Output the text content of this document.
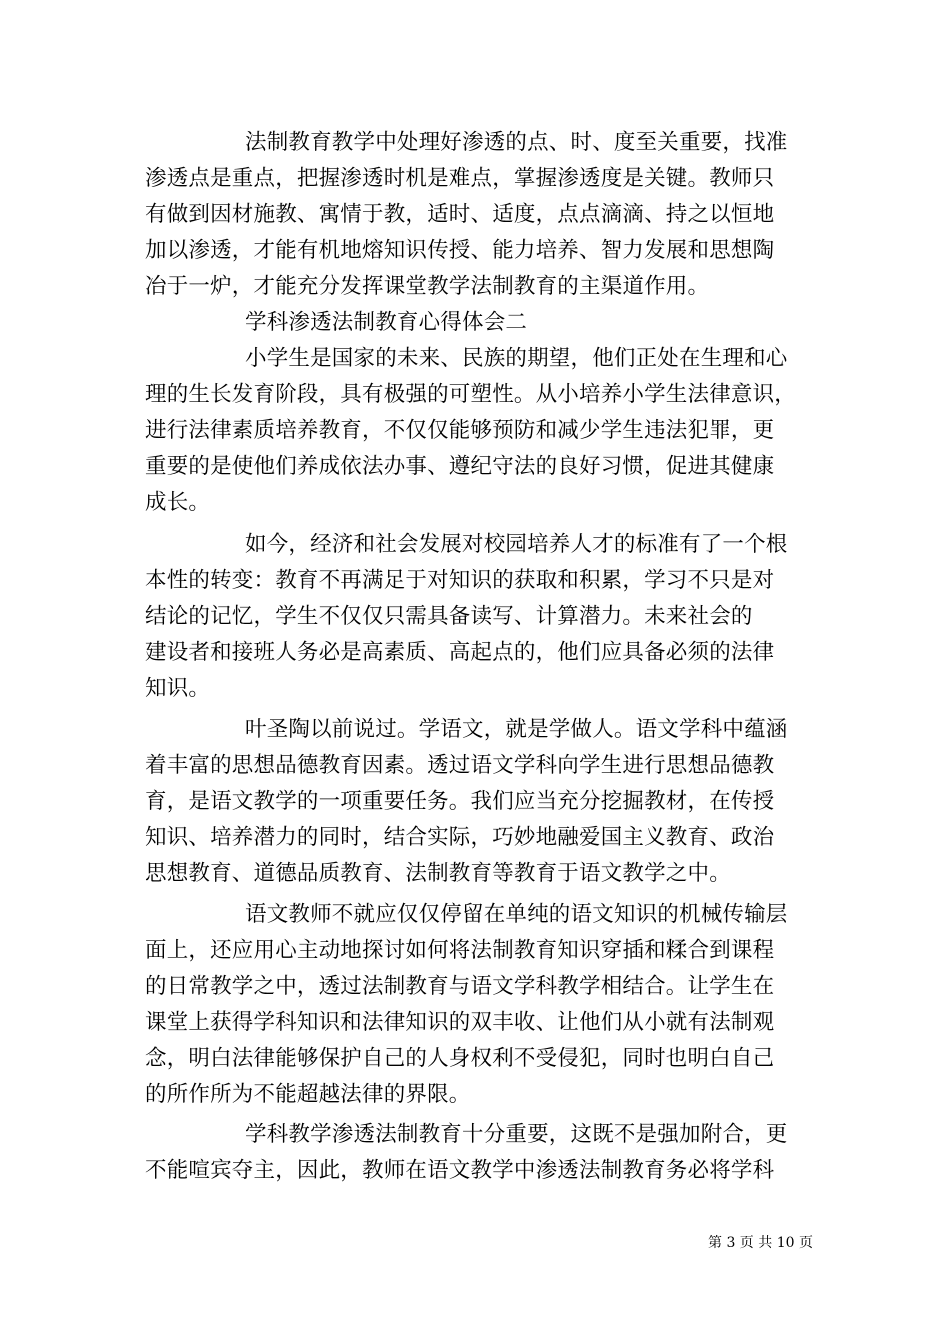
法制教育教学中处理好渗透的点、时、度至关重要，找准
渗透点是重点，把握渗透时机是难点，掌握渗透度是关键。教师只
有做到因材施教、寓情于教，适时、适度，点点滴滴、持之以恒地
加以渗透，才能有机地熔知识传授、能力培养、智力发展和思想陶
冶于一炉，才能充分发挥课堂教学法制教育的主渠道作用。
学科渗透法制教育心得体会二
小学生是国家的未来、民族的期望，他们正处在生理和心
理的生长发育阶段，具有极强的可塑性。从小培养小学生法律意识，
进行法律素质培养教育，不仅仅能够预防和减少学生违法犯罪，更
重要的是使他们养成依法办事、遵纪守法的良好习惯，促进其健康
成长。
如今，经济和社会发展对校园培养人才的标准有了一个根
本性的转变：教育不再满足于对知识的获取和积累，学习不只是对
结论的记忆，学生不仅仅只需具备读写、计算潜力。未来社会的
建设者和接班人务必是高素质、高起点的，他们应具备必须的法律
知识。
叶圣陶以前说过。学语文，就是学做人。语文学科中蕴涵
着丰富的思想品德教育因素。透过语文学科向学生进行思想品德教
育，是语文教学的一项重要任务。我们应当充分挖掘教材，在传授
知识、培养潜力的同时，结合实际，巧妙地融爱国主义教育、政治
思想教育、道德品质教育、法制教育等教育于语文教学之中。
语文教师不就应仅仅停留在单纯的语文知识的机械传输层
面上，还应用心主动地探讨如何将法制教育知识穿插和糅合到课程
的日常教学之中，透过法制教育与语文学科教学相结合。让学生在
课堂上获得学科知识和法律知识的双丰收、让他们从小就有法制观
念，明白法律能够保护自己的人身权利不受侵犯，同时也明白自己
的所作所为不能超越法律的界限。
学科教学渗透法制教育十分重要，这既不是强加附合，更
不能喧宾夺主，因此，教师在语文教学中渗透法制教育务必将学科
第 3 页 共 10 页
